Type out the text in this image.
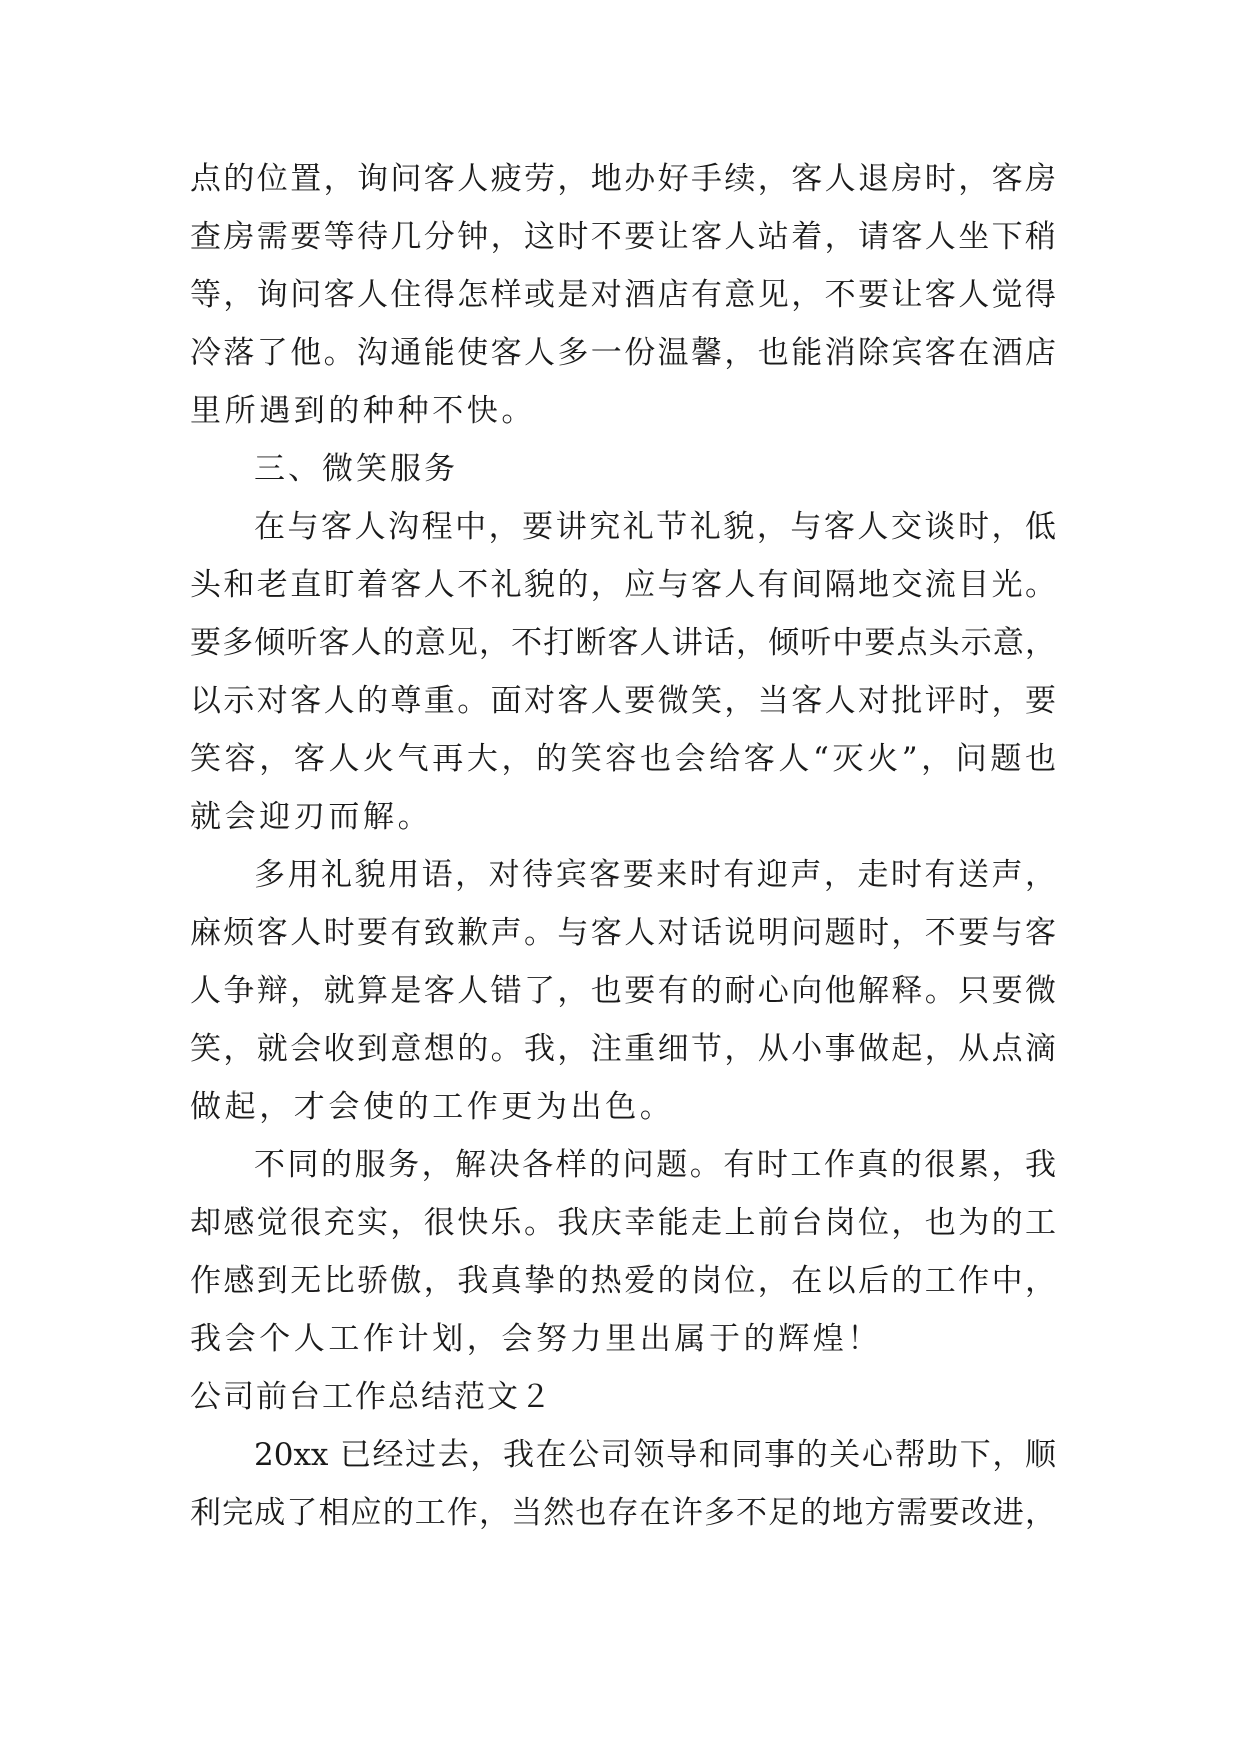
点的位置，询问客人疲劳，地办好手续，客人退房时，客房
查房需要等待几分钟，这时不要让客人站着，请客人坐下稍
等，询问客人住得怎样或是对酒店有意见，不要让客人觉得
冷落了他。沟通能使客人多一份温馨，也能消除宾客在酒店
里所遇到的种种不快。
三、微笑服务
在与客人沟程中，要讲究礼节礼貌，与客人交谈时，低
头和老直盯着客人不礼貌的，应与客人有间隔地交流目光。
要多倾听客人的意见，不打断客人讲话，倾听中要点头示意，
以示对客人的尊重。面对客人要微笑，当客人对批评时，要
笑容，客人火气再大，的笑容也会给客人“灭火”，问题也
就会迎刃而解。
多用礼貌用语，对待宾客要来时有迎声，走时有送声，
麻烦客人时要有致歉声。与客人对话说明问题时，不要与客
人争辩，就算是客人错了，也要有的耐心向他解释。只要微
笑，就会收到意想的。我，注重细节，从小事做起，从点滴
做起，才会使的工作更为出色。
不同的服务，解决各样的问题。有时工作真的很累，我
却感觉很充实，很快乐。我庆幸能走上前台岗位，也为的工
作感到无比骄傲，我真挚的热爱的岗位，在以后的工作中，
我会个人工作计划，会努力里出属于的辉煌！
公司前台工作总结范文２
20xx 已经过去，我在公司领导和同事的关心帮助下，顺
利完成了相应的工作，当然也存在许多不足的地方需要改进，
